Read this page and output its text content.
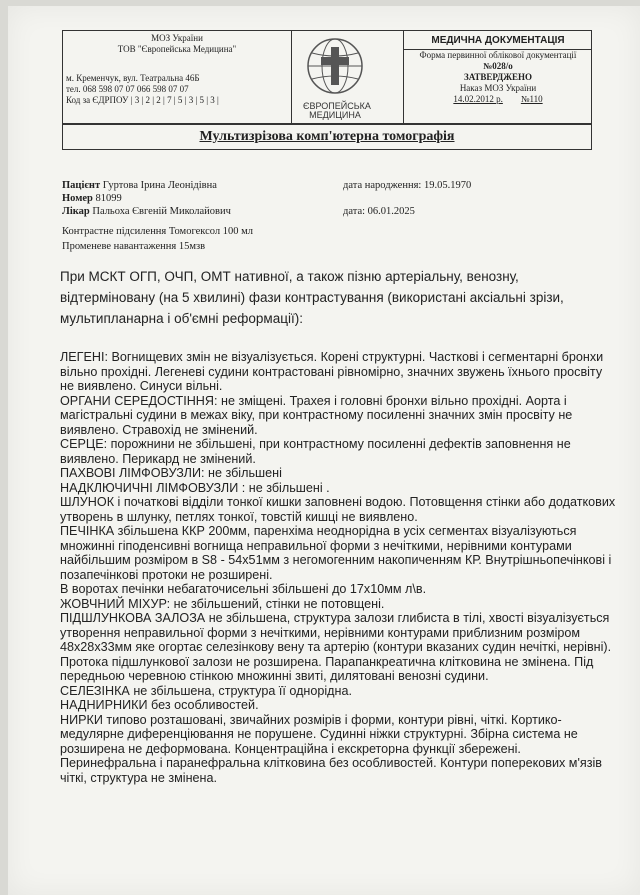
МОЗ України
ТОВ "Європейська Медицина"
м. Кременчук, вул. Театральна 46Б
тел. 068 598 07 07 066 598 07 07
Код за ЄДРПОУ | 3 | 2 | 2 | 7 | 5 | 3 | 5 | 3 |
ЄВРОПЕЙСЬКА
МЕДИЦИНА
МЕДИЧНА ДОКУМЕНТАЦІЯ
Форма первинної облікової документації
№028/о
ЗАТВЕРДЖЕНО
Наказ МОЗ України
14.02.2012 р. №110
Мультизрізова комп'ютерна томографія
Пацієнт Гуртова Ірина Леонідівна	дата народження: 19.05.1970
Номер 81099
Лікар Пальоха Євгеній Миколайович	дата: 06.01.2025
Контрастне підсилення Томогексол 100 мл
Променеве навантаження 15мзв
При МСКТ ОГП, ОЧП, ОМТ нативної, а також пізню артеріальну, венозну, відтерміновану (на 5 хвилині) фази контрастування (використані аксіальні зрізи, мультипланарна і об'ємні реформації):

ЛЕГЕНІ: Вогнищевих змін не візуалізується. Корені структурні. Часткові і сегментарні бронхи вільно прохідні. Легеневі судини контрастовані рівномірно, значних звужень їхнього просвіту не виявлено. Синуси вільні.

ОРГАНИ СЕРЕДОСТІННЯ: не зміщені. Трахея і головні бронхи вільно прохідні. Аорта і магістральні судини в межах віку, при контрастному посиленні значних змін просвіту не виявлено. Стравохід не змінений.

СЕРЦЕ: порожнини не збільшені, при контрастному посиленні дефектів заповнення не виявлено. Перикард не змінений.

ПАХВОВІ ЛІМФОВУЗЛИ: не збільшені

НАДКЛЮЧИЧНІ ЛІМФОВУЗЛИ : не збільшені .

ШЛУНОК і початкові відділи тонкої кишки заповнені водою. Потовщення стінки або додаткових утворень в шлунку, петлях тонкої, товстій кишці не виявлено.

ПЕЧІНКА збільшена ККР 200мм, паренхіма неоднорідна в усіх сегментах візуалізуються множинні гіподенсивні вогнища неправильної форми з нечіткими, нерівними контурами найбільшим розміром в S8 - 54х51мм з негомогенним накопиченням КР. Внутрішньопечінкові і позапечінкові протоки не розширені.

В воротах печінки небагаточисельні збільшені до 17х10мм л\в.

ЖОВЧНИЙ МІХУР: не збільшений, стінки не потовщені.

ПІДШЛУНКОВА ЗАЛОЗА не збільшена, структура залози глибиста в тілі, хвості візуалізується утворення неправильної форми з нечіткими, нерівними контурами приблизним розміром 48х28х33мм яке огортає селезінкову вену та артерію (контури вказаних судин нечіткі, нерівні). Протока підшлункової залози не розширена. Парапанкреатична клітковина не змінена. Під передньою черевною стінкою множинні звиті, дилятовані венозні судини.

СЕЛЕЗІНКА не збільшена, структура її однорідна.

НАДНИРНИКИ без особливостей.

НИРКИ типово розташовані, звичайних розмірів і форми, контури рівні, чіткі. Кортико-медулярне диференціювання не порушене. Судинні ніжки структурні. Збірна система не розширена не деформована. Концентраційна і екскреторна функції збережені. Перинефральна і паранефральна клітковина без особливостей. Контури поперекових м'язів чіткі, структура не змінена.
